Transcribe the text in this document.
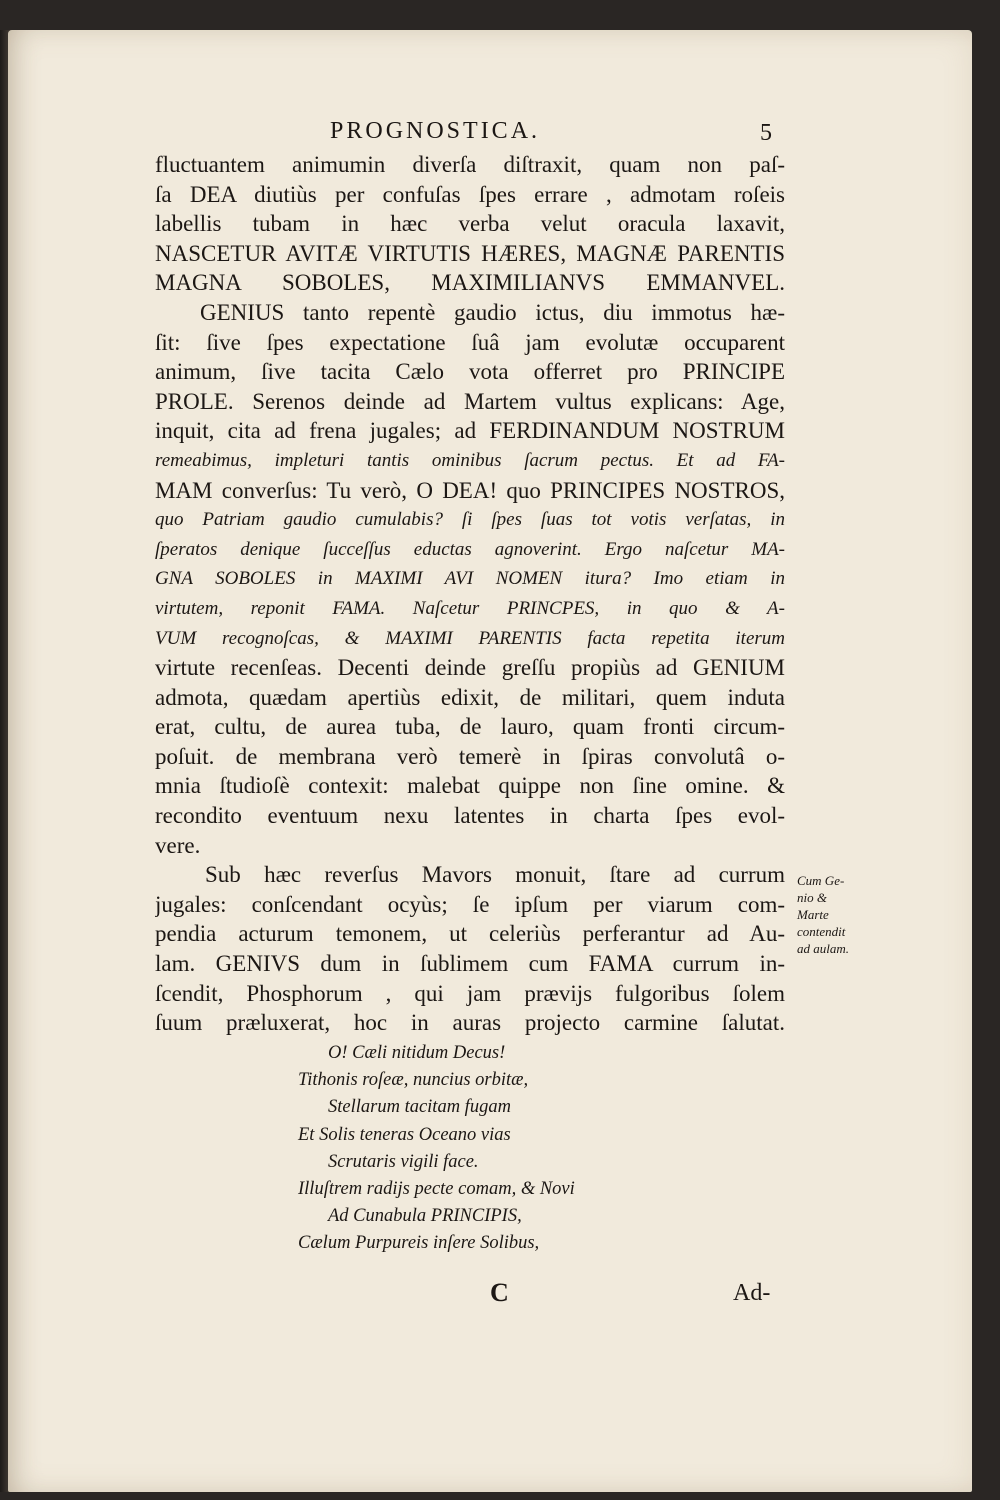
PROGNOSTICA.	5
fluctuantem animumin diverſa diſtraxit, quam non paſ-
ſa DEA diutiùs per confuſas ſpes errare , admotam roſeis
labellis tubam in hæc verba velut oracula laxavit,
NASCETUR AVITÆ VIRTUTIS HÆRES, MAGNÆ PARENTIS
MAGNA SOBOLES, MAXIMILIANVS EMMANVEL.
GENIUS tanto repentè gaudio ictus, diu immotus hæ-
ſit: ſive ſpes expectatione ſuâ jam evolutæ occuparent
animum, ſive tacita Cælo vota offerret pro PRINCIPE
PROLE. Serenos deinde ad Martem vultus explicans: Age,
inquit, cita ad frena jugales; ad FERDINANDUM NOSTRUM
remeabimus, impleturi tantis ominibus ſacrum pectus. Et ad FA-
MAM converſus: Tu verò, O DEA! quo PRINCIPES NOSTROS,
quo Patriam gaudio cumulabis? ſi ſpes ſuas tot votis verſatas, in
ſperatos denique ſucceſſus eductas agnoverint. Ergo naſcetur MA-
GNA SOBOLES in MAXIMI AVI NOMEN itura? Imo etiam in
virtutem, reponit FAMA. Naſcetur PRINCPES, in quo & A-
VUM recognoſcas, & MAXIMI PARENTIS facta repetita iterum
virtute recenſeas. Decenti deinde greſſu propiùs ad GENIUM
admota, quædam apertiùs edixit, de militari, quem induta
erat, cultu, de aurea tuba, de lauro, quam fronti circum-
poſuit. de membrana verò temerè in ſpiras convolutâ o-
mnia ſtudioſè contexit: malebat quippe non ſine omine. &
recondito eventuum nexu latentes in charta ſpes evol-
vere.
Sub hæc reverſus Mavors monuit, ſtare ad currum
jugales: conſcendant ocyùs; ſe ipſum per viarum com-
pendia acturum temonem, ut celeriùs perferantur ad Au-
lam. GENIVS dum in ſublimem cum FAMA currum in-
ſcendit, Phosphorum , qui jam prævijs fulgoribus ſolem
ſuum præluxerat, hoc in auras projecto carmine ſalutat.
O! Cæli nitidum Decus!
Tithonis roſeæ, nuncius orbitæ,
Stellarum tacitam fugam
Et Solis teneras Oceano vias
Scrutaris vigili face.
Illuſtrem radijs pecte comam, & Novi
Ad Cunabula PRINCIPIS,
Cælum Purpureis inſere Solibus,
Cum Ge-
nio &
Marte
contendit
ad aulam.
C	Ad-
